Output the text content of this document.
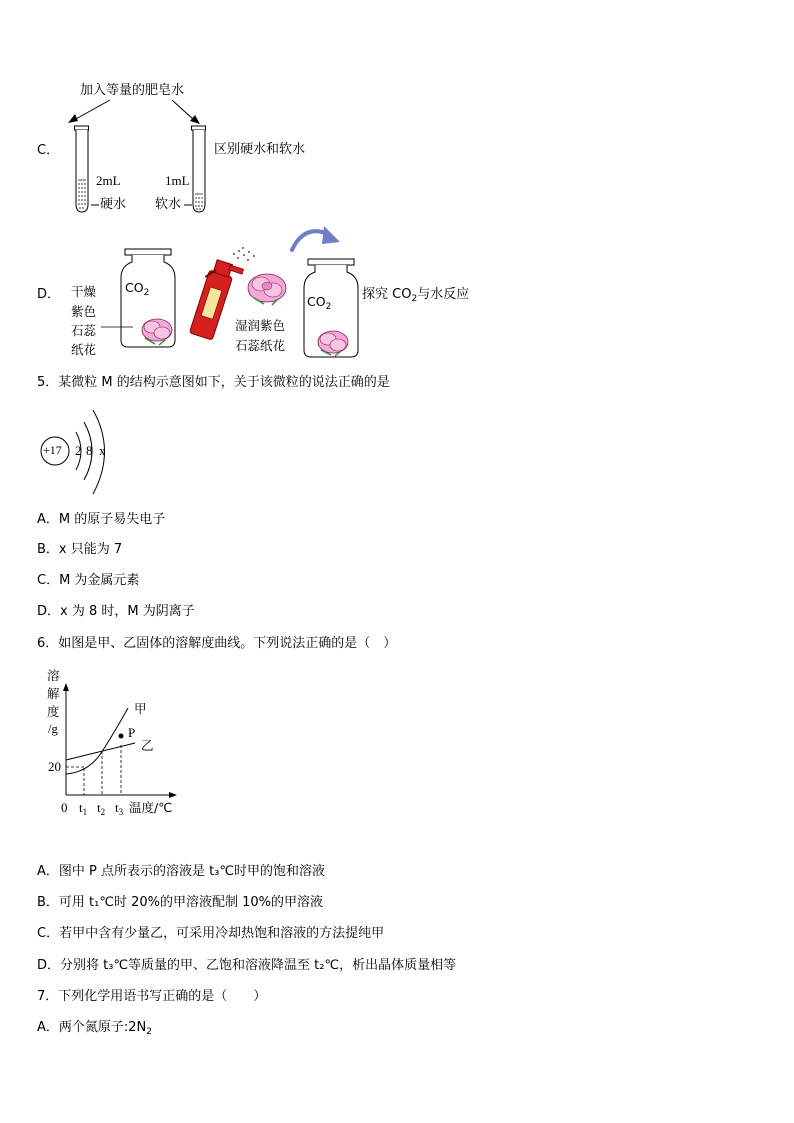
加入等量的肥皂水
C．
2mL
硬水
1mL
软水
区别硬水和软水
D． 干燥
紫色
石蕊
纸花
$CO_2$
湿润紫色
石蕊纸花
$CO_2$
探究 $CO_2$与水反应
5．某微粒 M 的结构示意图如下，关于该微粒的说法正确的是
+17 2 8 x
A．M 的原子易失电子
B．x 只能为 7
C．M 为金属元素
D．x 为 8 时，M 为阴离子
6．如图是甲、乙固体的溶解度曲线。下列说法正确的是（　）
溶
解
度
/g
20
0 $t_1$ $t_2$ $t_3$ 温度/℃
甲
乙
P
A．图中 P 点所表示的溶液是 t₃℃时甲的饱和溶液
B．可用 t₁℃时 20%的甲溶液配制 10%的甲溶液
C．若甲中含有少量乙，可采用冷却热饱和溶液的方法提纯甲
D．分别将 t₃℃等质量的甲、乙饱和溶液降温至 t₂℃，析出晶体质量相等
7．下列化学用语书写正确的是（　　）
A．两个氮原子$:2N_2$
